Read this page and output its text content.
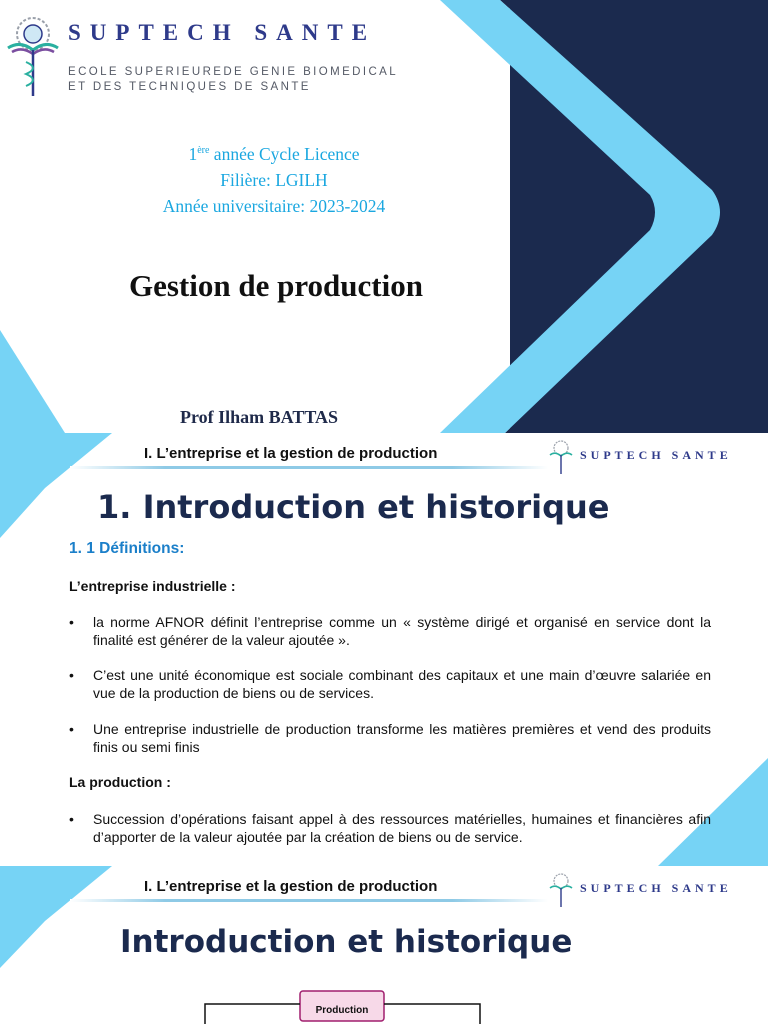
SUPTECH SANTE
ECOLE SUPERIEUREDE GENIE BIOMEDICAL
ET DES TECHNIQUES DE SANTE
1ère année Cycle Licence
Filière: LGILH
Année universitaire: 2023-2024
Gestion de production
Prof Ilham BATTAS
I. L’entreprise et la gestion de production	SUPTECH SANTE
1. Introduction et historique
1. 1 Définitions:
L’entreprise industrielle :
• la norme AFNOR définit l’entreprise comme un « système dirigé et organisé en service dont la finalité est générer de la valeur ajoutée ».
• C’est une unité économique est sociale combinant des capitaux et une main d’œuvre salariée en vue de la production de biens ou de services.
• Une entreprise industrielle de production transforme les matières premières et vend des produits finis ou semi finis
La production :
• Succession d’opérations faisant appel à des ressources matérielles, humaines et financières afin d’apporter de la valeur ajoutée par la création de biens ou de service.
I. L’entreprise et la gestion de production	SUPTECH SANTE
Introduction et historique
Production
